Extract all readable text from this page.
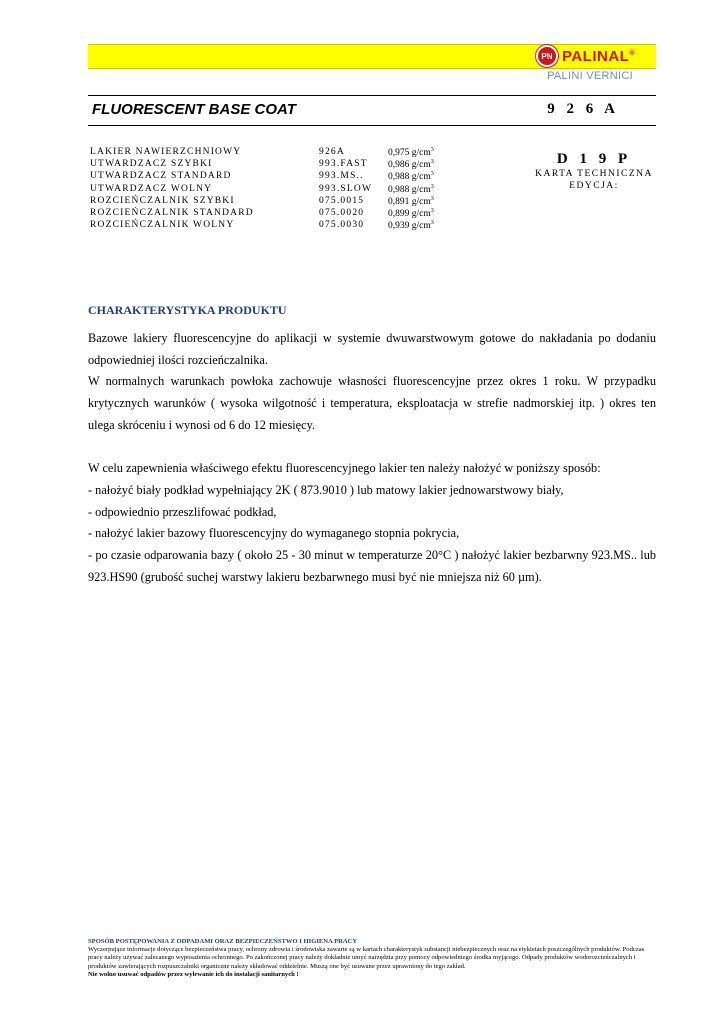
PN PALINAL®
PALINI VERNICI
FLUORESCENT BASE COAT	9 2 6 A
LAKIER NAWIERZCHNIOWY	926A	0,975 $g/cm^3$
UTWARDZACZ SZYBKI	993.FAST 0,986 $g/cm^3$
UTWARDZACZ STANDARD	993.MS..	0,988 $g/cm^3$
UTWARDZACZ WOLNY	993.SLOW 0,988 $g/cm^3$
ROZCIEŃCZALNIK SZYBKI	075.0015	0,891 $g/cm^3$
ROZCIEŃCZALNIK STANDARD	075.0020	0,899 $g/cm^3$
ROZCIEŃCZALNIK WOLNY	075.0030	0,939 $g/cm^3$
D 1 9 P
KARTA TECHNICZNA
EDYCJA:
CHARAKTERYSTYKA PRODUKTU

Bazowe lakiery fluorescencyjne do aplikacji w systemie dwuwarstwowym gotowe do nakładania po dodaniu odpowiedniej ilości rozcieńczalnika.

W normalnych warunkach powłoka zachowuje własności fluorescencyjne przez okres 1 roku. W przypadku krytycznych warunków ( wysoka wilgotność i temperatura, eksploatacja w strefie nadmorskiej itp. ) okres ten ulega skróceniu i wynosi od 6 do 12 miesięcy.

W celu zapewnienia właściwego efektu fluorescencyjnego lakier ten należy nałożyć w poniższy sposób:

- nałożyć biały podkład wypełniający 2K ( 873.9010 ) lub matowy lakier jednowarstwowy biały,

- odpowiednio przeszlifować podkład,

- nałożyć lakier bazowy fluorescencyjny do wymaganego stopnia pokrycia,

- po czasie odparowania bazy ( około 25 - 30 minut w temperaturze 20°C ) nałożyć lakier bezbarwny 923.MS.. lub 923.HS90 (grubość suchej warstwy lakieru bezbarwnego musi być nie mniejsza niż 60 µm).

SPOSÓB POSTĘPOWANIA Z ODPADAMI ORAZ BEZPIECZEŃSTWO I HIGIENA PRACY
Wyczerpujące informacje dotyczące bezpieczeństwa pracy, ochrony zdrowia i środowiska zawarte są w kartach charakterystyk substancji niebezpiecznych oraz na etykietach poszczególnych produktów. Podczas pracy należy używać zalecanego wyposażenia ochronnego. Po zakończonej pracy należy dokładnie umyć narzędzia przy pomocy odpowiedniego środka myjącego. Odpady produktów wodorozcieńczalnych i produktów zawierających rozpuszczalniki organiczne należy składować oddzielnie. Muszą one być usuwane przez uprawniony do tego zakład.
Nie wolno usuwać odpadów przez wylewanie ich do instalacji sanitarnych !
